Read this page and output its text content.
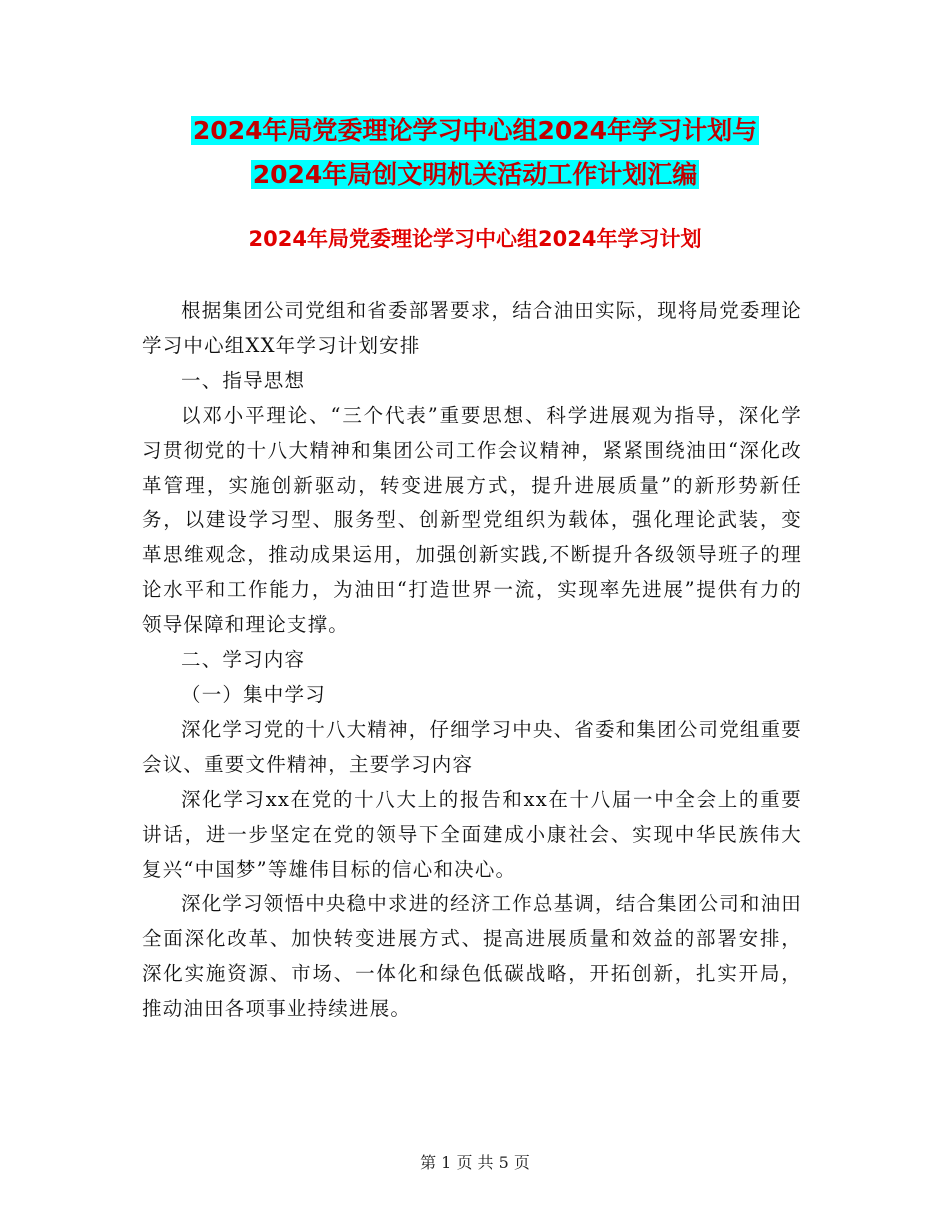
2024年局党委理论学习中心组2024年学习计划与
2024年局创文明机关活动工作计划汇编
2024年局党委理论学习中心组2024年学习计划

根据集团公司党组和省委部署要求，结合油田实际，现将局党委理论学习中心组XX年学习计划安排

一、指导思想

以邓小平理论、“三个代表”重要思想、科学进展观为指导，深化学习贯彻党的十八大精神和集团公司工作会议精神，紧紧围绕油田“深化改革管理，实施创新驱动，转变进展方式，提升进展质量”的新形势新任务，以建设学习型、服务型、创新型党组织为载体，强化理论武装，变革思维观念，推动成果运用，加强创新实践,不断提升各级领导班子的理论水平和工作能力，为油田“打造世界一流，实现率先进展”提供有力的领导保障和理论支撑。

二、学习内容

（一）集中学习

深化学习党的十八大精神，仔细学习中央、省委和集团公司党组重要会议、重要文件精神，主要学习内容

深化学习xx在党的十八大上的报告和xx在十八届一中全会上的重要讲话，进一步坚定在党的领导下全面建成小康社会、实现中华民族伟大复兴“中国梦”等雄伟目标的信心和决心。

深化学习领悟中央稳中求进的经济工作总基调，结合集团公司和油田全面深化改革、加快转变进展方式、提高进展质量和效益的部署安排，深化实施资源、市场、一体化和绿色低碳战略，开拓创新，扎实开局，推动油田各项事业持续进展。

第 1 页 共 5 页
